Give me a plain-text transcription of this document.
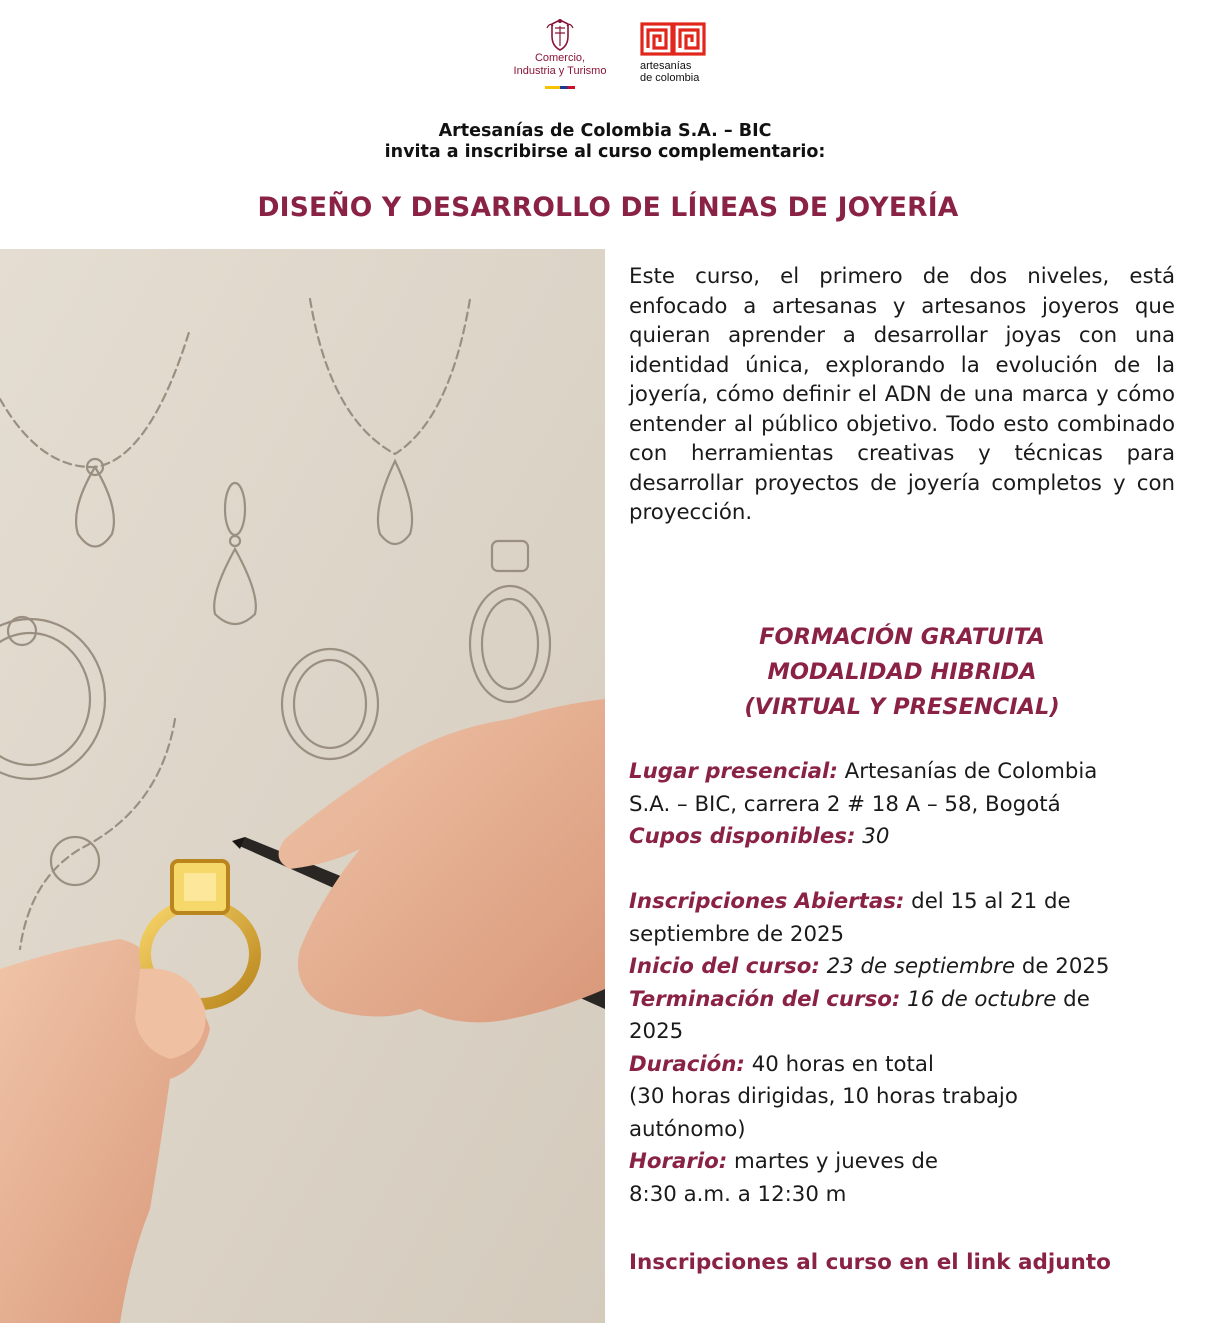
Comercio,
Industria y Turismo	artesanías
de colombia
Artesanías de Colombia S.A. – BIC
invita a inscribirse al curso complementario:
DISEÑO Y DESARROLLO DE LÍNEAS DE JOYERÍA

Este curso, el primero de dos niveles, está enfocado a artesanas y artesanos joyeros que quieran aprender a desarrollar joyas con una identidad única, explorando la evolución de la joyería, cómo definir el ADN de una marca y cómo entender al público objetivo. Todo esto combinado con herramientas creativas y técnicas para desarrollar proyectos de joyería completos y con proyección.

FORMACIÓN GRATUITA
MODALIDAD HIBRIDA
(VIRTUAL Y PRESENCIAL)
Lugar presencial: Artesanías de Colombia
S.A. – BIC, carrera 2 # 18 A – 58, Bogotá
Cupos disponibles: 30
Inscripciones Abiertas: del 15 al 21 de
septiembre de 2025
Inicio del curso: 23 de septiembre de 2025
Terminación del curso: 16 de octubre de
2025
Duración: 40 horas en total
(30 horas dirigidas, 10 horas trabajo
autónomo)
Horario: martes y jueves de
8:30 a.m. a 12:30 m
Inscripciones al curso en el link adjunto
